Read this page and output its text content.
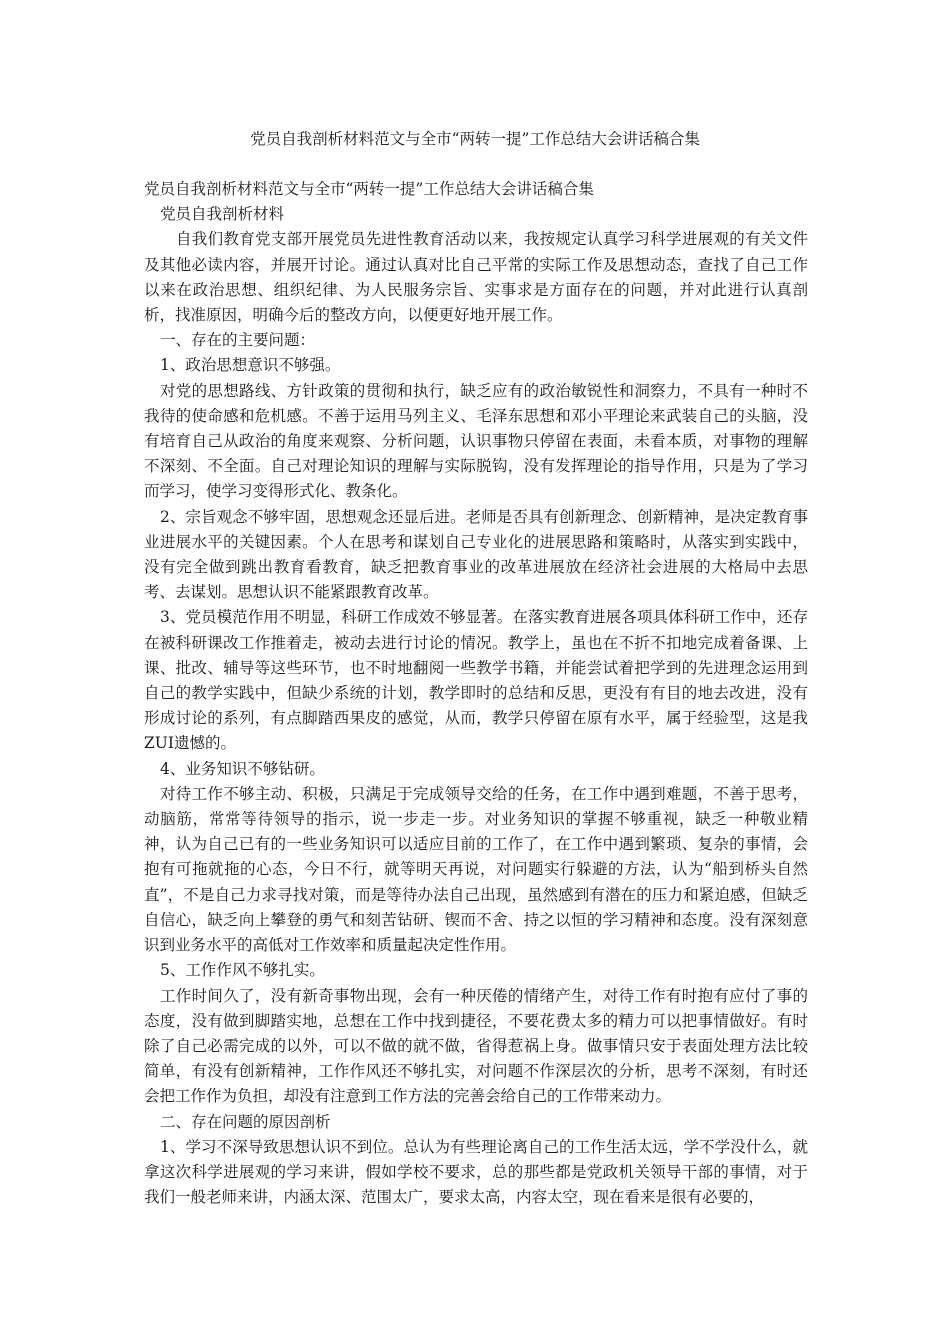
党员自我剖析材料范文与全市“两转一提”工作总结大会讲话稿合集

党员自我剖析材料范文与全市“两转一提”工作总结大会讲话稿合集

党员自我剖析材料

自我们教育党支部开展党员先进性教育活动以来，我按规定认真学习科学进展观的有关文件及其他必读内容，并展开讨论。通过认真对比自己平常的实际工作及思想动态，查找了自己工作以来在政治思想、组织纪律、为人民服务宗旨、实事求是方面存在的问题，并对此进行认真剖析，找准原因，明确今后的整改方向，以便更好地开展工作。

一、存在的主要问题：

1、政治思想意识不够强。

对党的思想路线、方针政策的贯彻和执行，缺乏应有的政治敏锐性和洞察力，不具有一种时不我待的使命感和危机感。不善于运用马列主义、毛泽东思想和邓小平理论来武装自己的头脑，没有培育自己从政治的角度来观察、分析问题，认识事物只停留在表面，未看本质，对事物的理解不深刻、不全面。自己对理论知识的理解与实际脱钩，没有发挥理论的指导作用，只是为了学习而学习，使学习变得形式化、教条化。

2、宗旨观念不够牢固，思想观念还显后进。老师是否具有创新理念、创新精神，是决定教育事业进展水平的关键因素。个人在思考和谋划自己专业化的进展思路和策略时，从落实到实践中，没有完全做到跳出教育看教育，缺乏把教育事业的改革进展放在经济社会进展的大格局中去思考、去谋划。思想认识不能紧跟教育改革。

3、党员模范作用不明显，科研工作成效不够显著。在落实教育进展各项具体科研工作中，还存在被科研课改工作推着走，被动去进行讨论的情况。教学上，虽也在不折不扣地完成着备课、上课、批改、辅导等这些环节，也不时地翻阅一些教学书籍，并能尝试着把学到的先进理念运用到自己的教学实践中，但缺少系统的计划，教学即时的总结和反思，更没有有目的地去改进，没有形成讨论的系列，有点脚踏西果皮的感觉，从而，教学只停留在原有水平，属于经验型，这是我ZUI遗憾的。

4、业务知识不够钻研。

对待工作不够主动、积极，只满足于完成领导交给的任务，在工作中遇到难题，不善于思考，动脑筋，常常等待领导的指示，说一步走一步。对业务知识的掌握不够重视，缺乏一种敬业精神，认为自己已有的一些业务知识可以适应目前的工作了，在工作中遇到繁琐、复杂的事情，会抱有可拖就拖的心态，今日不行，就等明天再说，对问题实行躲避的方法，认为“船到桥头自然直”，不是自己力求寻找对策，而是等待办法自己出现，虽然感到有潜在的压力和紧迫感，但缺乏自信心，缺乏向上攀登的勇气和刻苦钻研、锲而不舍、持之以恒的学习精神和态度。没有深刻意识到业务水平的高低对工作效率和质量起决定性作用。

5、工作作风不够扎实。

工作时间久了，没有新奇事物出现，会有一种厌倦的情绪产生，对待工作有时抱有应付了事的态度，没有做到脚踏实地，总想在工作中找到捷径，不要花费太多的精力可以把事情做好。有时除了自己必需完成的以外，可以不做的就不做，省得惹祸上身。做事情只安于表面处理方法比较简单，有没有创新精神，工作作风还不够扎实，对问题不作深层次的分析，思考不深刻，有时还会把工作作为负担，却没有注意到工作方法的完善会给自己的工作带来动力。

二、存在问题的原因剖析

1、学习不深导致思想认识不到位。总认为有些理论离自己的工作生活太远，学不学没什么，就拿这次科学进展观的学习来讲，假如学校不要求，总的那些都是党政机关领导干部的事情，对于我们一般老师来讲，内涵太深、范围太广，要求太高，内容太空，现在看来是很有必要的，
